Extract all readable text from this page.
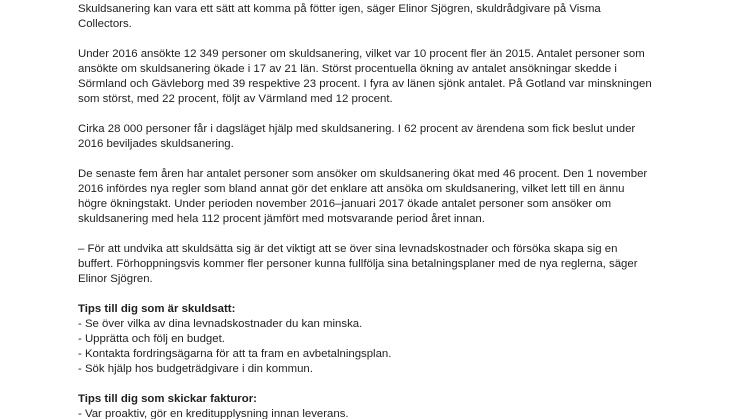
Skuldsanering kan vara ett sätt att komma på fötter igen, säger Elinor Sjögren, skuldrådgivare på Visma
Collectors.

Under 2016 ansökte 12 349 personer om skuldsanering, vilket var 10 procent fler än 2015. Antalet personer som
ansökte om skuldsanering ökade i 17 av 21 län. Störst procentuella ökning av antalet ansökningar skedde i
Sörmland och Gävleborg med 39 respektive 23 procent. I fyra av länen sjönk antalet. På Gotland var minskningen
som störst, med 22 procent, följt av Värmland med 12 procent.

Cirka 28 000 personer får i dagsläget hjälp med skuldsanering. I 62 procent av ärendena som fick beslut under
2016 beviljades skuldsanering.

De senaste fem åren har antalet personer som ansöker om skuldsanering ökat med 46 procent. Den 1 november
2016 infördes nya regler som bland annat gör det enklare att ansöka om skuldsanering, vilket lett till en ännu
högre ökningstakt. Under perioden november 2016–januari 2017 ökade antalet personer som ansöker om
skuldsanering med hela 112 procent jämfört med motsvarande period året innan.

– För att undvika att skuldsätta sig är det viktigt att se över sina levnadskostnader och försöka skapa sig en
buffert. Förhoppningsvis kommer fler personer kunna fullfölja sina betalningsplaner med de nya reglerna, säger
Elinor Sjögren.

Tips till dig som är skuldsatt:
- Se över vilka av dina levnadskostnader du kan minska.
- Upprätta och följ en budget.
- Kontakta fordringsägarna för att ta fram en avbetalningsplan.
- Sök hjälp hos budgeträdgivare i din kommun.
Tips till dig som skickar fakturor:
- Var proaktiv, gör en kreditupplysning innan leverans.
